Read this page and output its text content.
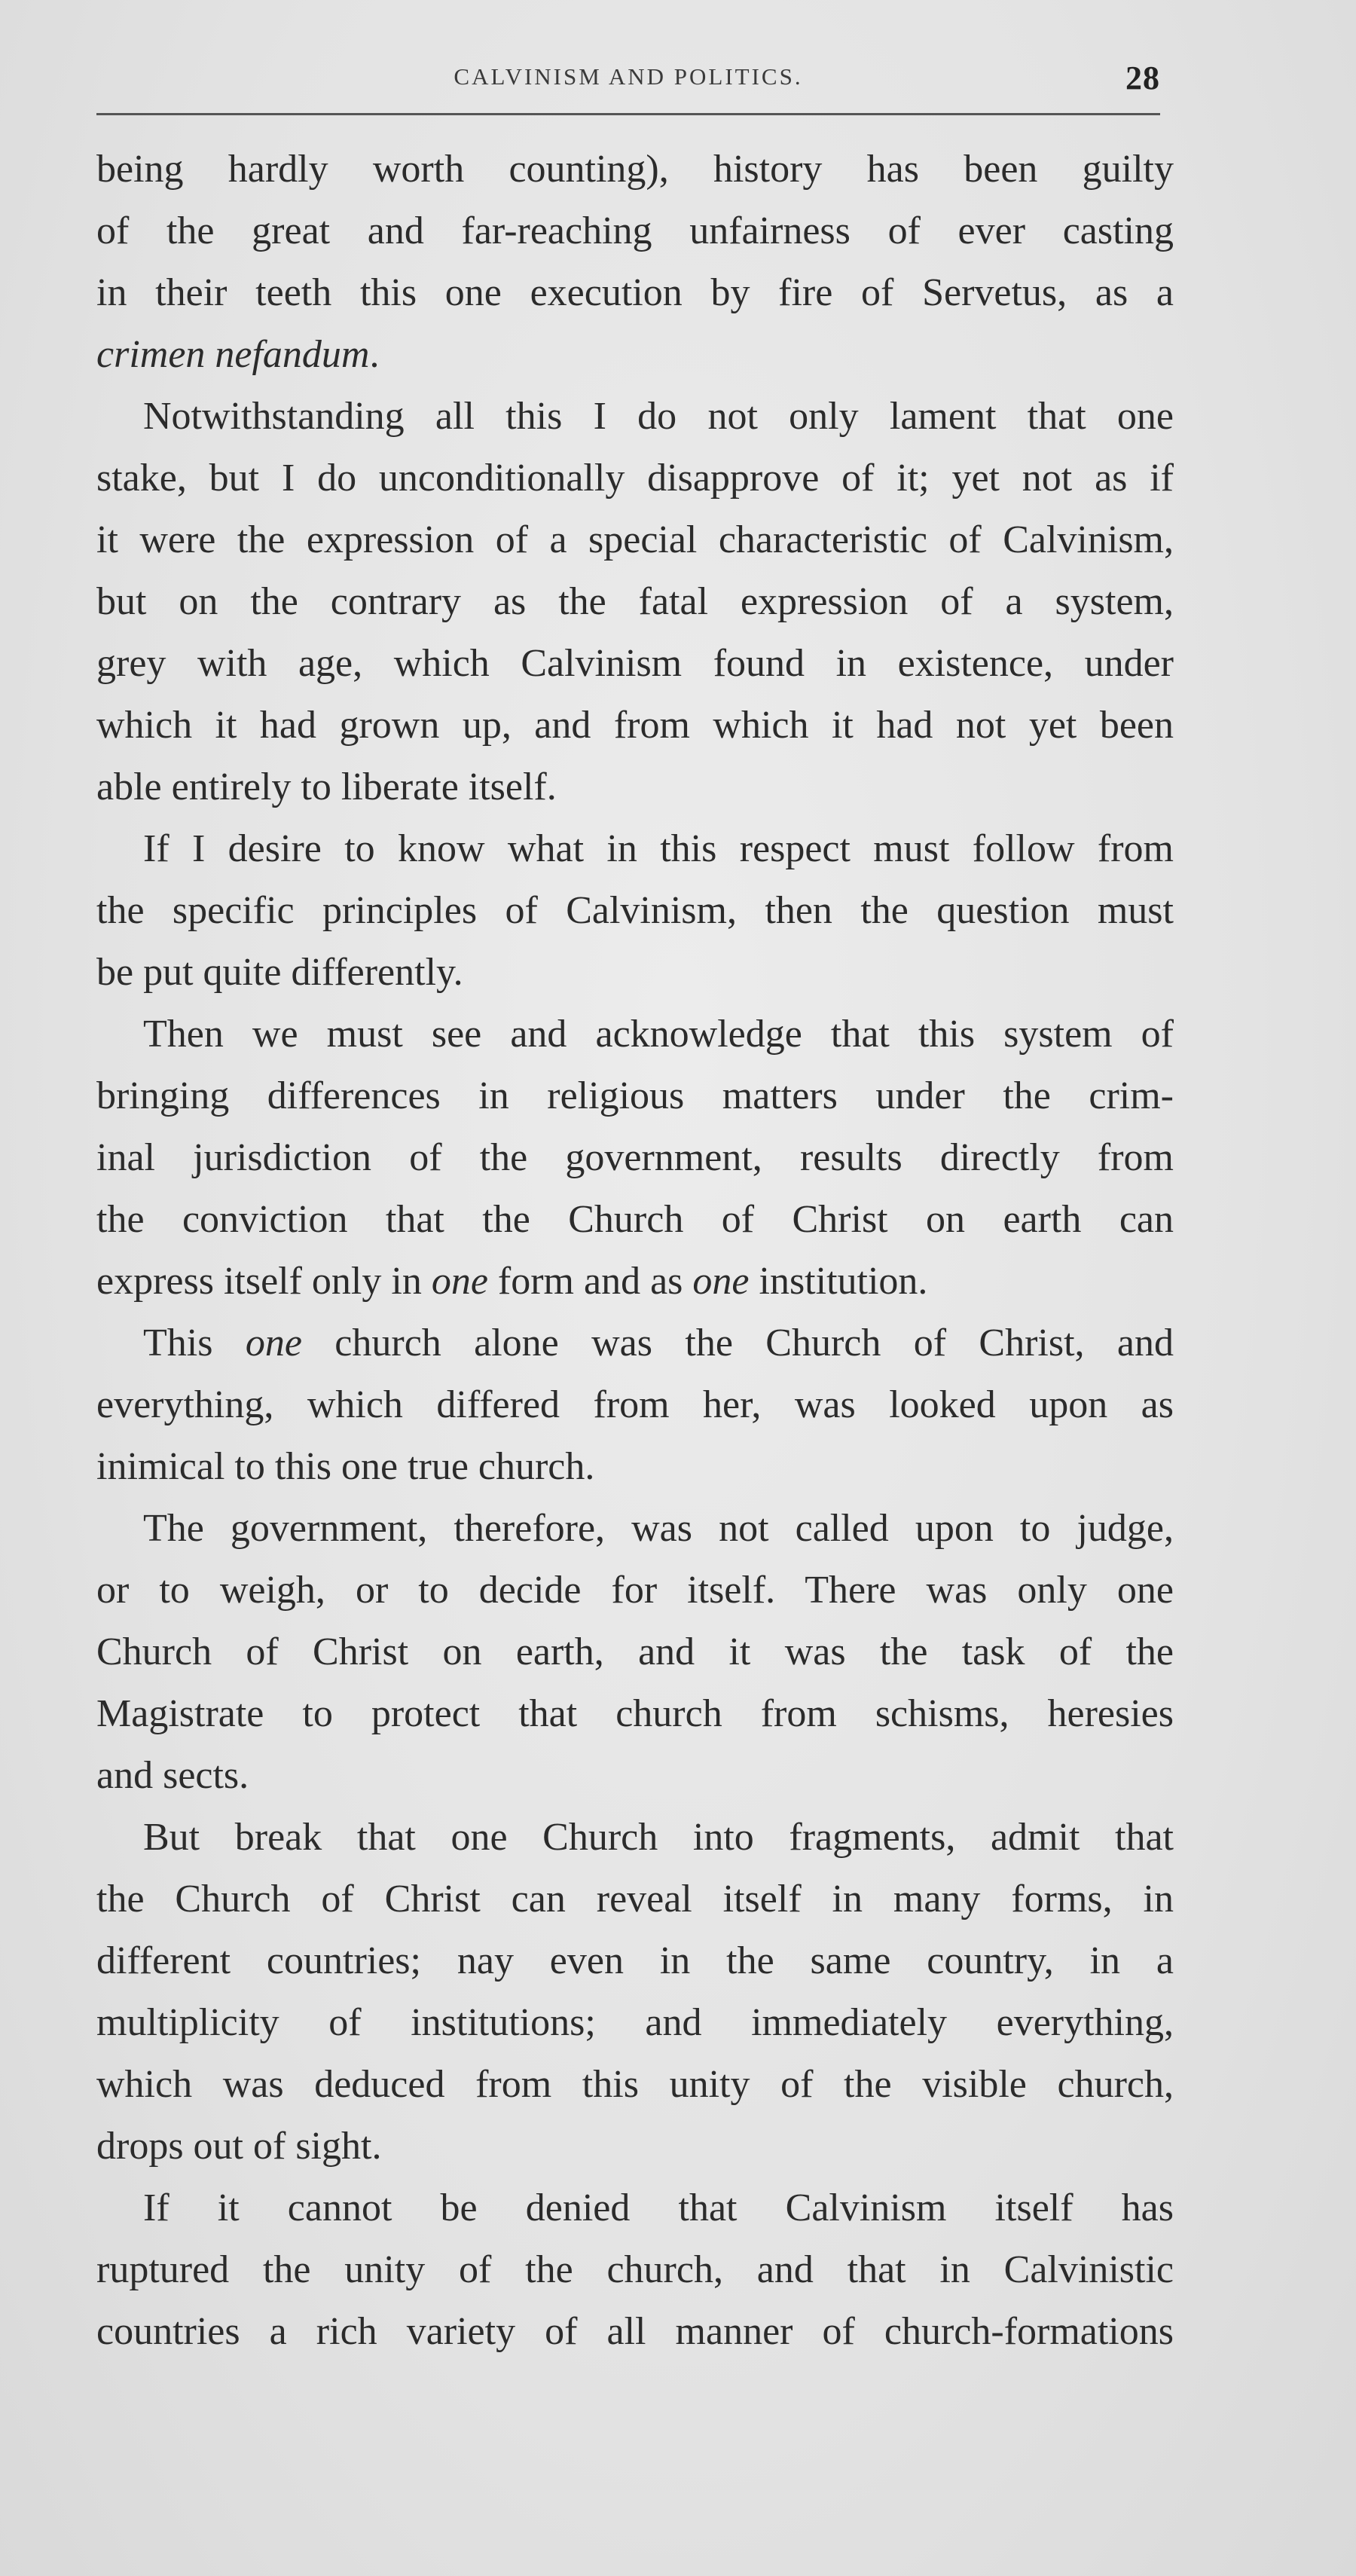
CALVINISM AND POLITICS.	28
being hardly worth counting), history has been guilty
of the great and far-reaching unfairness of ever casting
in their teeth this one execution by fire of Servetus, as a
crimen nefandum.
Notwithstanding all this I do not only lament that one
stake, but I do unconditionally disapprove of it; yet not as if
it were the expression of a special characteristic of Calvinism,
but on the contrary as the fatal expression of a system,
grey with age, which Calvinism found in existence, under
which it had grown up, and from which it had not yet been
able entirely to liberate itself.
If I desire to know what in this respect must follow from
the specific principles of Calvinism, then the question must
be put quite differently.
Then we must see and acknowledge that this system of
bringing differences in religious matters under the crim-
inal jurisdiction of the government, results directly from
the conviction that the Church of Christ on earth can
express itself only in one form and as one institution.
This one church alone was the Church of Christ, and
everything, which differed from her, was looked upon as
inimical to this one true church.
The government, therefore, was not called upon to judge,
or to weigh, or to decide for itself. There was only one
Church of Christ on earth, and it was the task of the
Magistrate to protect that church from schisms, heresies
and sects.
But break that one Church into fragments, admit that
the Church of Christ can reveal itself in many forms, in
different countries; nay even in the same country, in a
multiplicity of institutions; and immediately everything,
which was deduced from this unity of the visible church,
drops out of sight.
If it cannot be denied that Calvinism itself has
ruptured the unity of the church, and that in Calvinistic
countries a rich variety of all manner of church-formations
